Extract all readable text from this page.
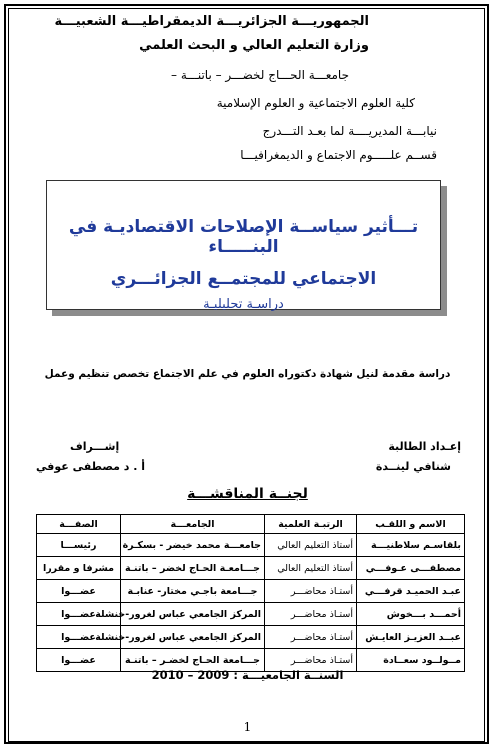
الجمهوريـــة الجزائريـــة الديمقراطيـــة الشعبيـــة
وزارة التعليم العالي و البحث العلمي
جامعـــة الحـــاج لخضـــر – باتنـــة –
كلية العلوم الاجتماعية و العلوم الإسلامية
نيابـــة المديريــــة لما بعـد التـــدرج
قســم علـــــوم الاجتماع و الديمغرافيـــا
تـــأثير سياســة الإصلاحات الاقتصاديـة في البنـــــاء
الاجتماعي للمجتمــع الجزائـــري
دراسـة تحليليـة
دراسة مقدمة لنيل شهادة دكتوراه العلوم في علم الاجتماع تخصص تنظيم وعمل
إعـداد الطالبة
شنافي لينــدة
إشـــراف
أ . د مصطفى عوفي
لجنــة المناقشـــة
الاسم و اللقـب	الرتبـة العلمية	الجامعـــة	الصفـــة
بلقاسـم سلاطنيـــة	أستاذ التعليم العالي	جامعـــة محمد خيضر - بسكـرة	رئيســـا
مصطفـــى عـوفـــي	أستاذ التعليم العالي	جـــامعـة الحـاج لخضر – باتنـة	مشرفا و مقررا
عبـد الحميـد قرفـــي	أستـاذ محاضـــر	جـــامعة باجـي مختار- عنابـة	عضـــوا
أحمـــد بـــخوش	أستـاذ محاضـــر	المركز الجامعي عباس لغرور-خنشلة	عضـــوا
عبــد العزيـز العايـش	أستـاذ محاضـــر	المركز الجامعي عباس لغرور-خنشلة	عضـــوا
مــولــود سعــادة	أستـاذ محاضـــر	جـــامعة الحـاج لخضـر – باتنـة	عضـــوا
السنــة الجامعيـــة : 2009 – 2010
1
